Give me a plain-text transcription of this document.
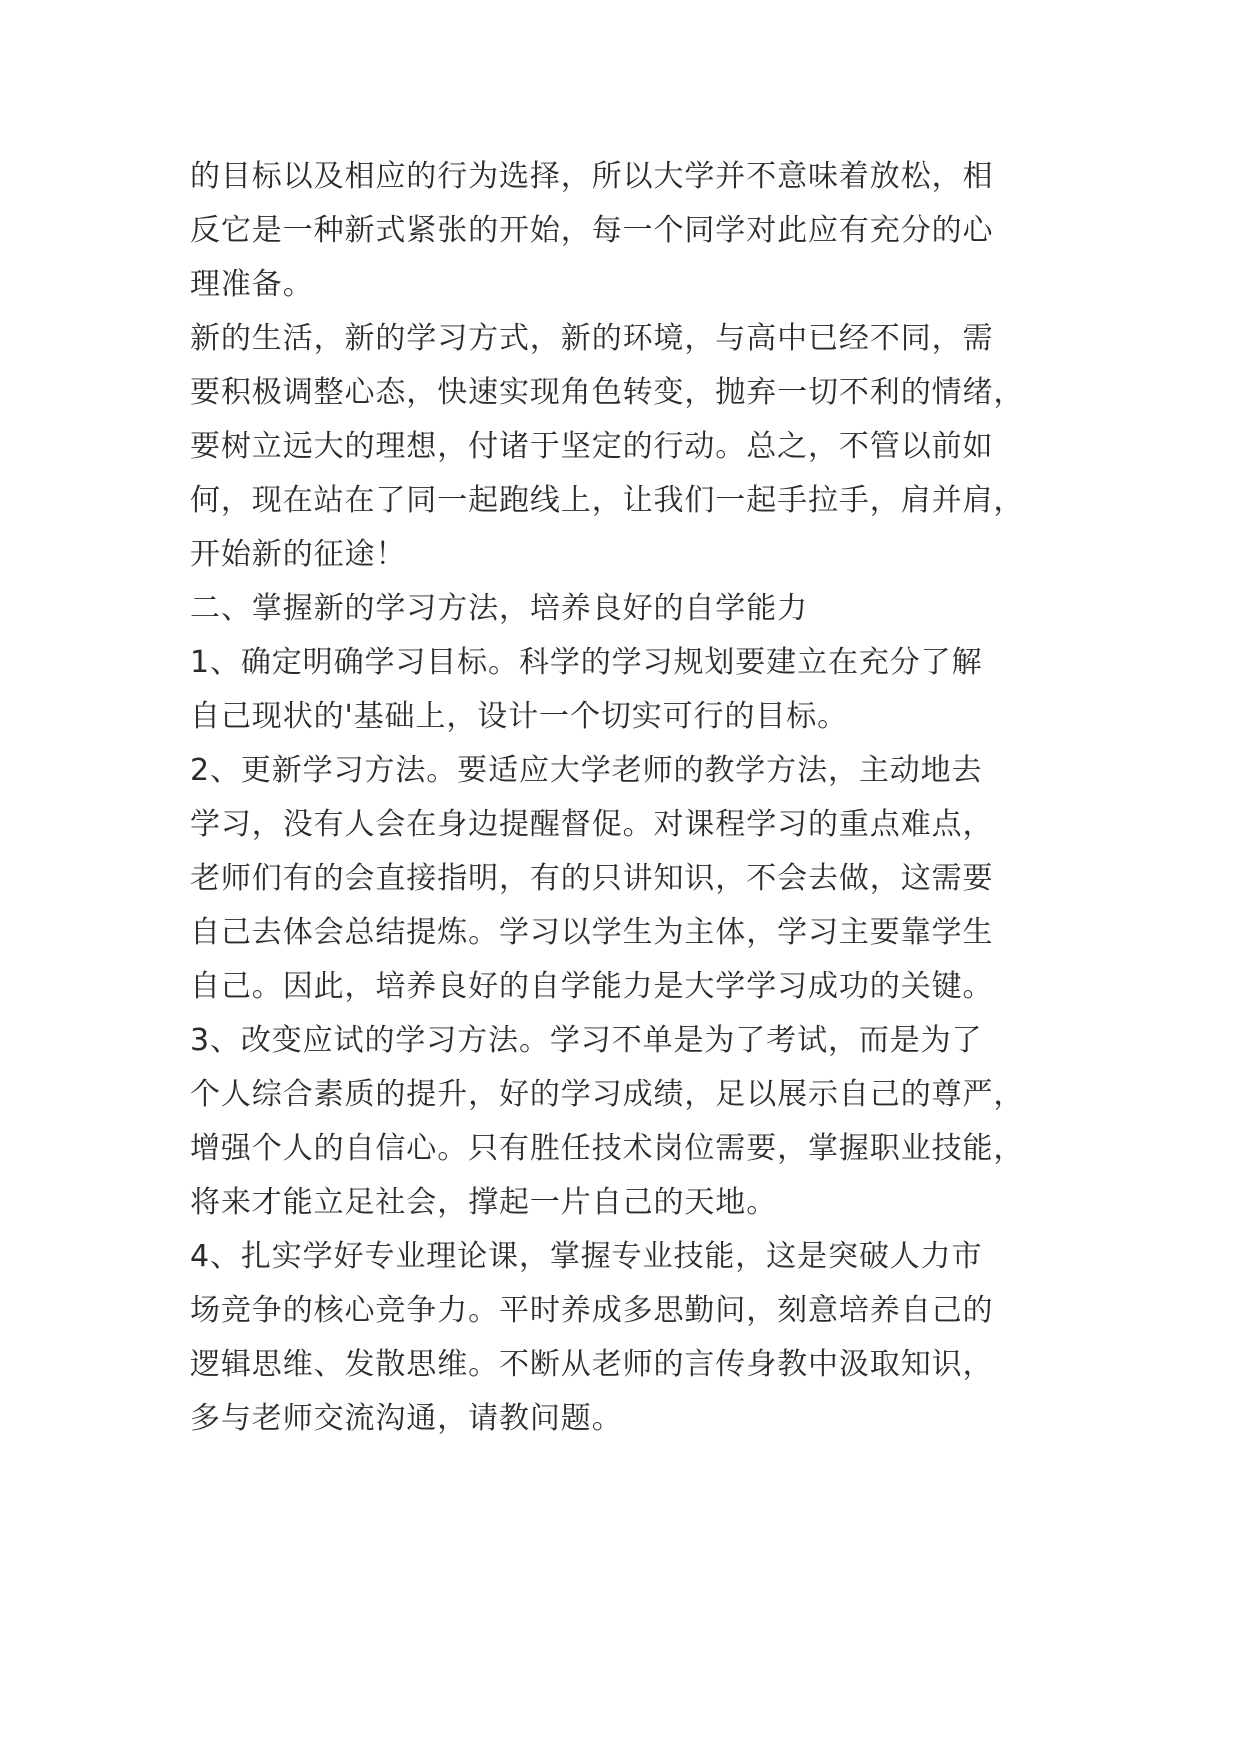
的目标以及相应的行为选择，所以大学并不意味着放松，相
反它是一种新式紧张的开始，每一个同学对此应有充分的心
理准备。
新的生活，新的学习方式，新的环境，与高中已经不同，需
要积极调整心态，快速实现角色转变，抛弃一切不利的情绪，
要树立远大的理想，付诸于坚定的行动。总之，不管以前如
何，现在站在了同一起跑线上，让我们一起手拉手，肩并肩，
开始新的征途！
二、掌握新的学习方法，培养良好的自学能力
1、确定明确学习目标。科学的学习规划要建立在充分了解
自己现状的'基础上，设计一个切实可行的目标。
2、更新学习方法。要适应大学老师的教学方法，主动地去
学习，没有人会在身边提醒督促。对课程学习的重点难点，
老师们有的会直接指明，有的只讲知识，不会去做，这需要
自己去体会总结提炼。学习以学生为主体，学习主要靠学生
自己。因此，培养良好的自学能力是大学学习成功的关键。
3、改变应试的学习方法。学习不单是为了考试，而是为了
个人综合素质的提升，好的学习成绩，足以展示自己的尊严，
增强个人的自信心。只有胜任技术岗位需要，掌握职业技能，
将来才能立足社会，撑起一片自己的天地。
4、扎实学好专业理论课，掌握专业技能，这是突破人力市
场竞争的核心竞争力。平时养成多思勤问，刻意培养自己的
逻辑思维、发散思维。不断从老师的言传身教中汲取知识，
多与老师交流沟通，请教问题。
